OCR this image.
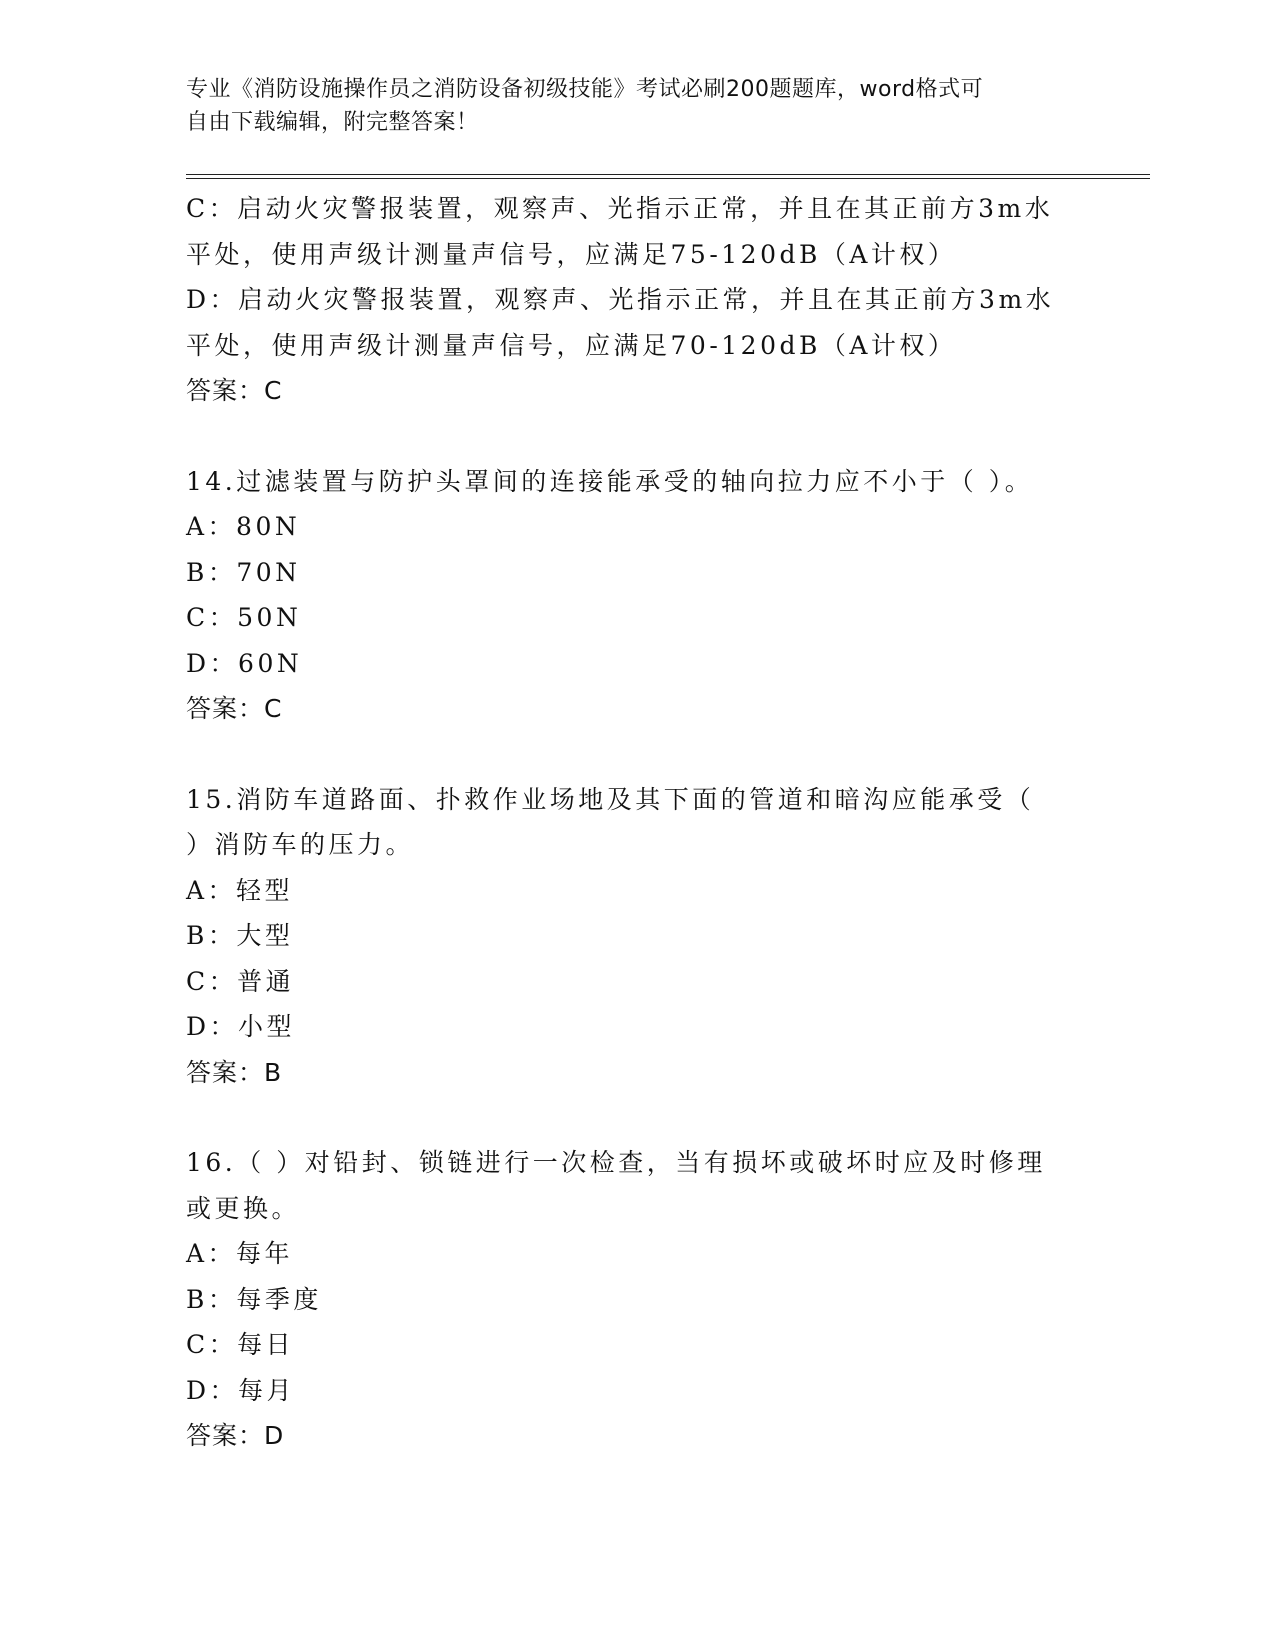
专业《消防设施操作员之消防设备初级技能》考试必刷200题题库，word格式可
自由下载编辑，附完整答案！
C：启动火灾警报装置，观察声、光指示正常，并且在其正前方3m水
平处，使用声级计测量声信号，应满足75-120dB（A计权）
D：启动火灾警报装置，观察声、光指示正常，并且在其正前方3m水
平处，使用声级计测量声信号，应满足70-120dB（A计权）
答案：C
14.过滤装置与防护头罩间的连接能承受的轴向拉力应不小于（ ）。
A：80N
B：70N
C：50N
D：60N
答案：C
15.消防车道路面、扑救作业场地及其下面的管道和暗沟应能承受（
）消防车的压力。
A：轻型
B：大型
C：普通
D：小型
答案：B
16.（ ）对铅封、锁链进行一次检查，当有损坏或破坏时应及时修理
或更换。
A：每年
B：每季度
C：每日
D：每月
答案：D
